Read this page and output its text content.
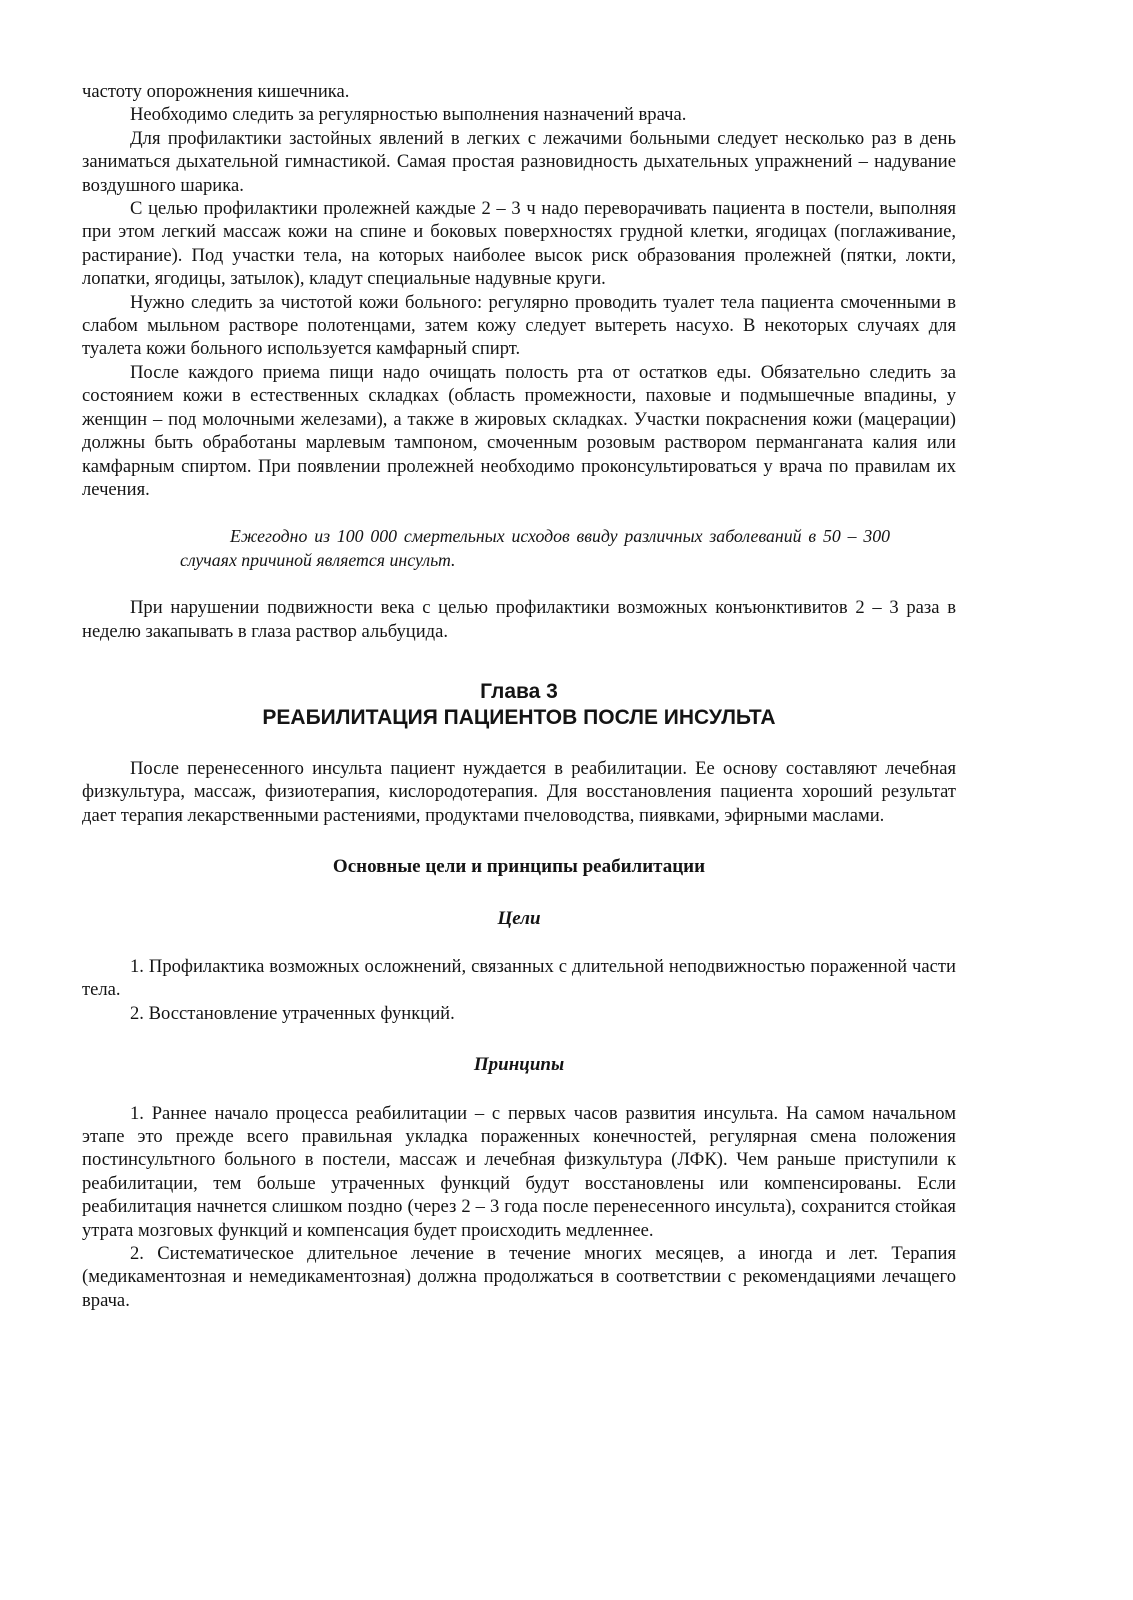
частоту опорожнения кишечника.

Необходимо следить за регулярностью выполнения назначений врача.

Для профилактики застойных явлений в легких с лежачими больными следует несколько раз в день заниматься дыхательной гимнастикой. Самая простая разновидность дыхательных упражнений – надувание воздушного шарика.

С целью профилактики пролежней каждые 2 – 3 ч надо переворачивать пациента в постели, выполняя при этом легкий массаж кожи на спине и боковых поверхностях грудной клетки, ягодицах (поглаживание, растирание). Под участки тела, на которых наиболее высок риск образования пролежней (пятки, локти, лопатки, ягодицы, затылок), кладут специальные надувные круги.

Нужно следить за чистотой кожи больного: регулярно проводить туалет тела пациента смоченными в слабом мыльном растворе полотенцами, затем кожу следует вытереть насухо. В некоторых случаях для туалета кожи больного используется камфарный спирт.

После каждого приема пищи надо очищать полость рта от остатков еды. Обязательно следить за состоянием кожи в естественных складках (область промежности, паховые и подмышечные впадины, у женщин – под молочными железами), а также в жировых складках. Участки покраснения кожи (мацерации) должны быть обработаны марлевым тампоном, смоченным розовым раствором перманганата калия или камфарным спиртом. При появлении пролежней необходимо проконсультироваться у врача по правилам их лечения.

Ежегодно из 100 000 смертельных исходов ввиду различных заболеваний в 50 – 300 случаях причиной является инсульт.

При нарушении подвижности века с целью профилактики возможных конъюнктивитов 2 – 3 раза в неделю закапывать в глаза раствор альбуцида.

Глава 3
РЕАБИЛИТАЦИЯ ПАЦИЕНТОВ ПОСЛЕ ИНСУЛЬТА

После перенесенного инсульта пациент нуждается в реабилитации. Ее основу составляют лечебная физкультура, массаж, физиотерапия, кислородотерапия. Для восстановления пациента хороший результат дает терапия лекарственными растениями, продуктами пчеловодства, пиявками, эфирными маслами.

Основные цели и принципы реабилитации
Цели

1. Профилактика возможных осложнений, связанных с длительной неподвижностью пораженной части тела.

2. Восстановление утраченных функций.

Принципы

1. Раннее начало процесса реабилитации – с первых часов развития инсульта. На самом начальном этапе это прежде всего правильная укладка пораженных конечностей, регулярная смена положения постинсультного больного в постели, массаж и лечебная физкультура (ЛФК). Чем раньше приступили к реабилитации, тем больше утраченных функций будут восстановлены или компенсированы. Если реабилитация начнется слишком поздно (через 2 – 3 года после перенесенного инсульта), сохранится стойкая утрата мозговых функций и компенсация будет происходить медленнее.

2. Систематическое длительное лечение в течение многих месяцев, а иногда и лет. Терапия (медикаментозная и немедикаментозная) должна продолжаться в соответствии с рекомендациями лечащего врача.
